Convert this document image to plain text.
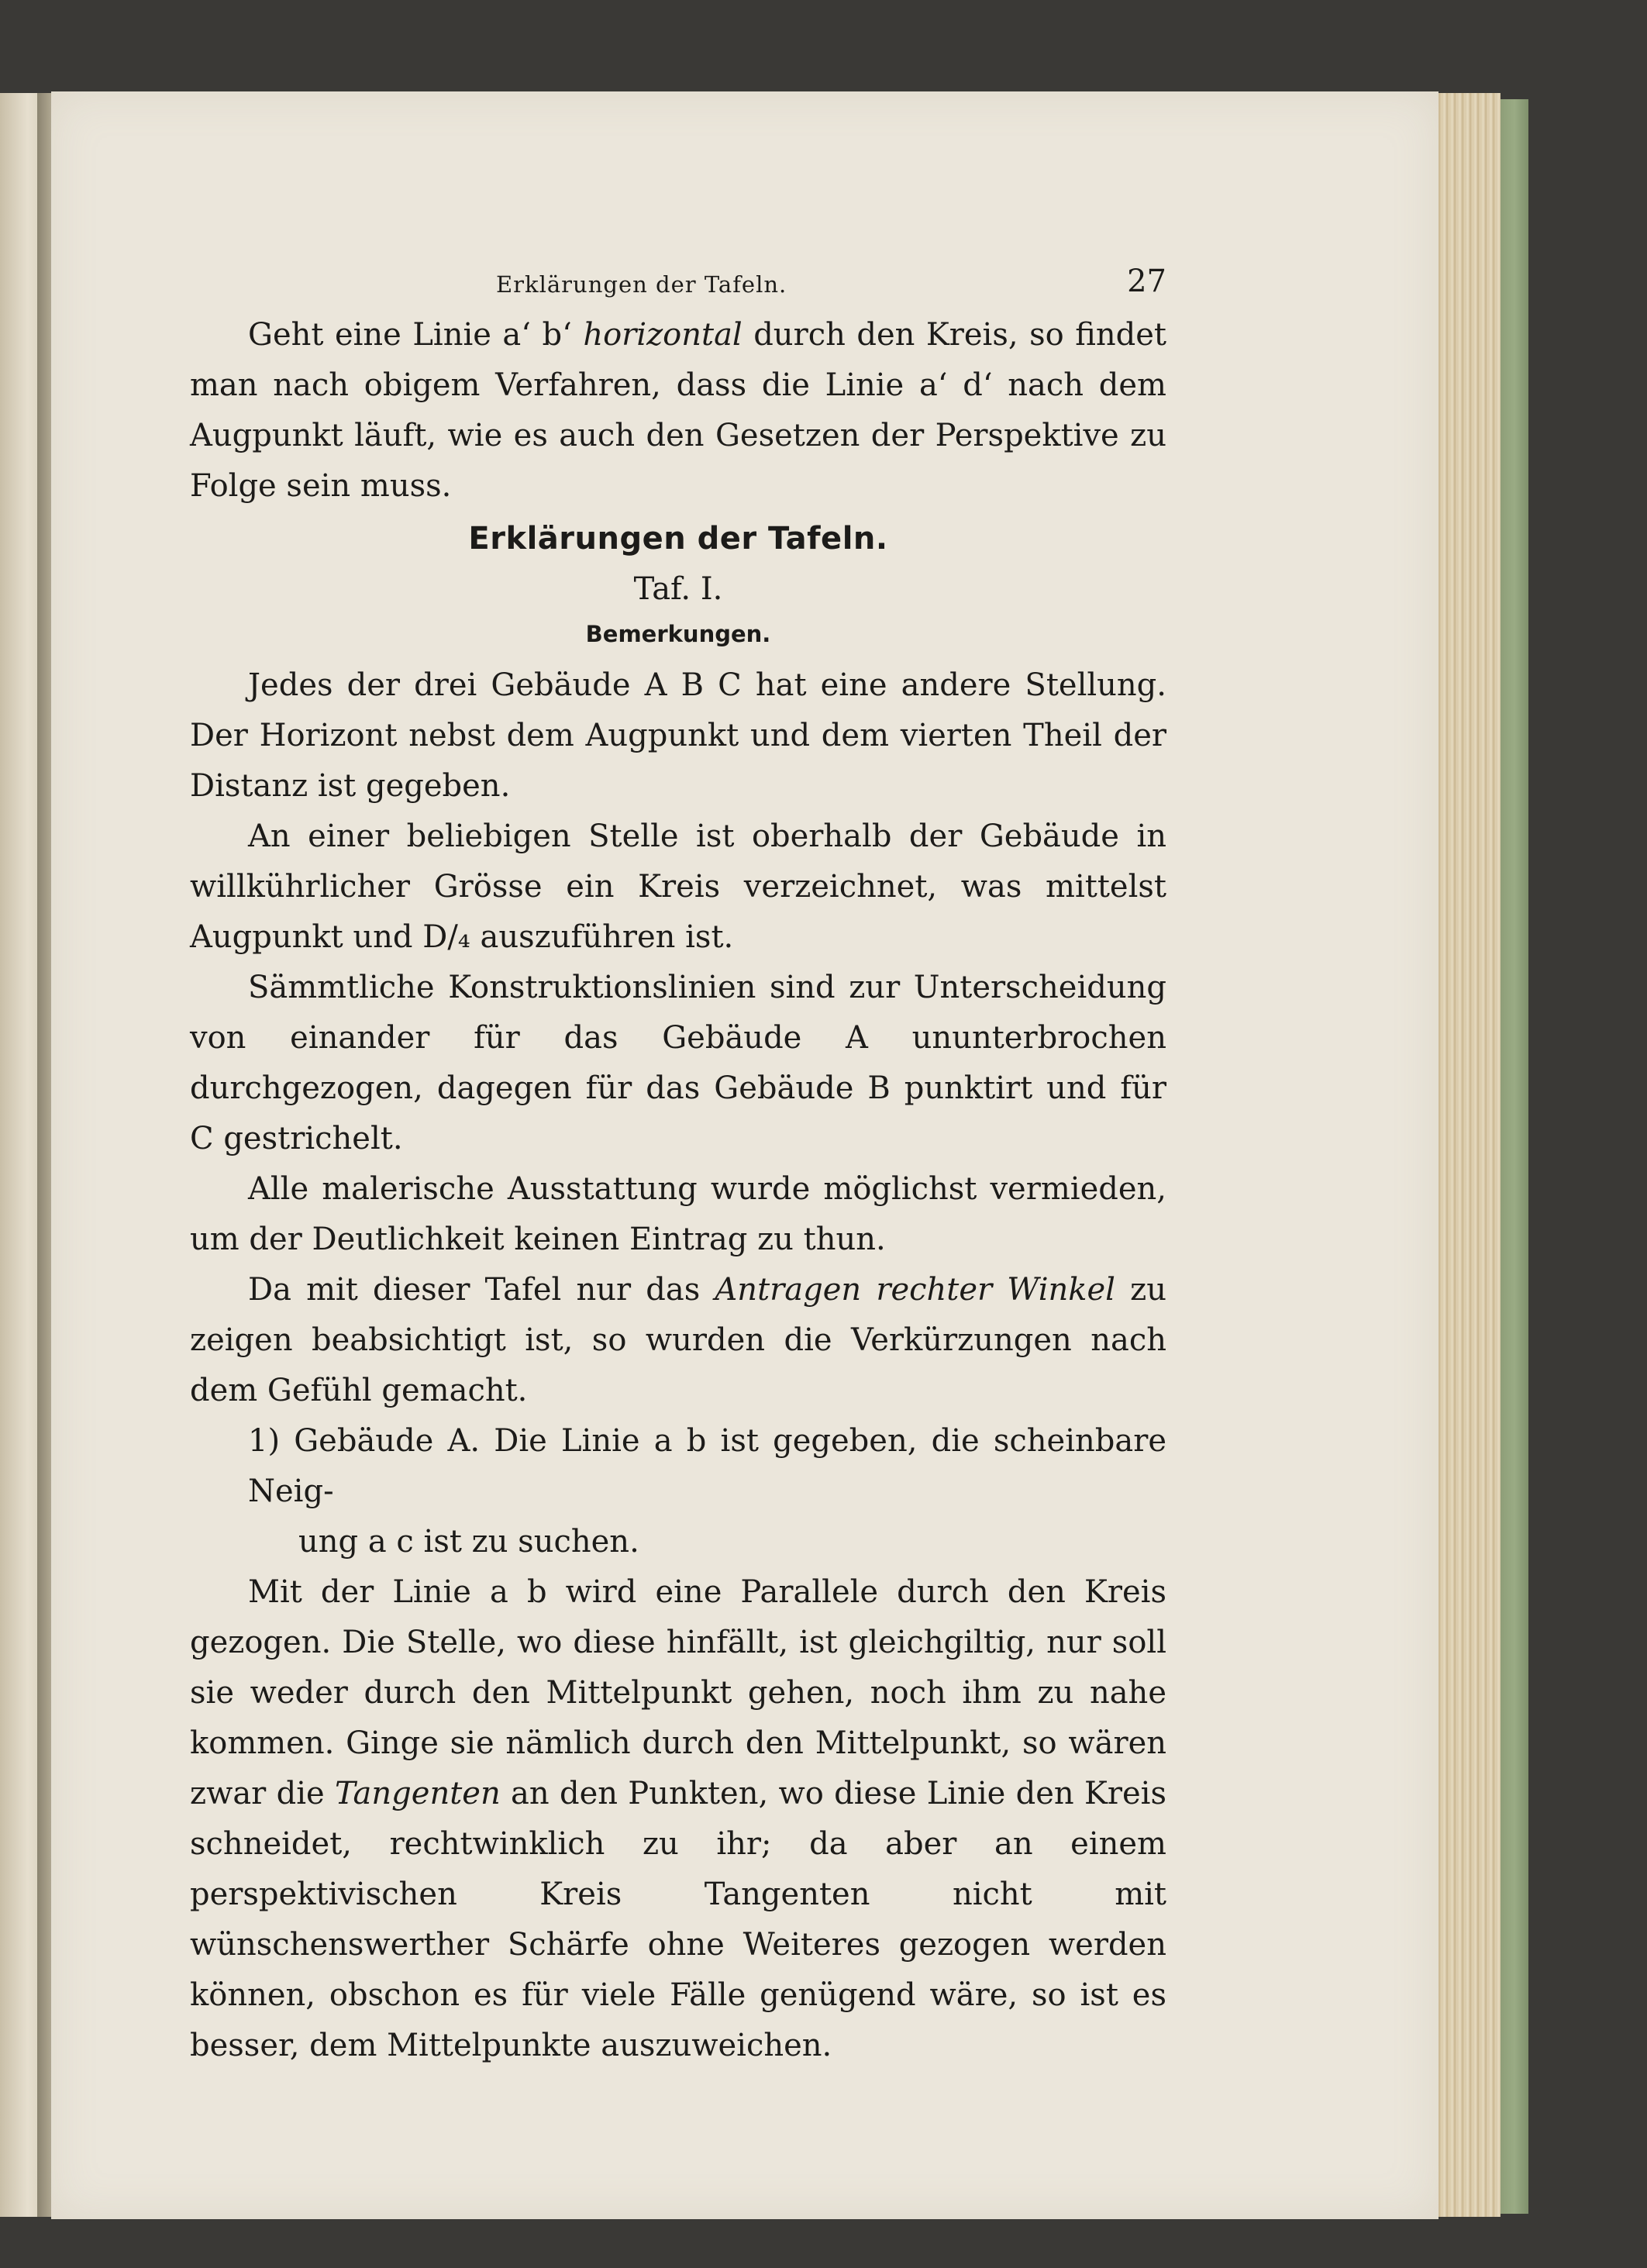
Erklärungen der Tafeln.	27

Geht eine Linie a‘ b‘ horizontal durch den Kreis, so findet man nach obigem Verfahren, dass die Linie a‘ d‘ nach dem Augpunkt läuft, wie es auch den Gesetzen der Perspektive zu Folge sein muss.

Erklärungen der Tafeln.

Taf. I.

Bemerkungen.

Jedes der drei Gebäude A B C hat eine andere Stellung. Der Horizont nebst dem Augpunkt und dem vierten Theil der Distanz ist gegeben.

An einer beliebigen Stelle ist oberhalb der Gebäude in willkührlicher Grösse ein Kreis verzeichnet, was mittelst Augpunkt und D/₄ auszuführen ist.

Sämmtliche Konstruktionslinien sind zur Unterscheidung von einander für das Gebäude A ununterbrochen durchgezogen, dagegen für das Gebäude B punktirt und für C gestrichelt.

Alle malerische Ausstattung wurde möglichst vermieden, um der Deutlichkeit keinen Eintrag zu thun.

Da mit dieser Tafel nur das Antragen rechter Winkel zu zeigen beabsichtigt ist, so wurden die Verkürzungen nach dem Gefühl gemacht.

1) Gebäude A. Die Linie a b ist gegeben, die scheinbare Neig-

ung a c ist zu suchen.

Mit der Linie a b wird eine Parallele durch den Kreis gezogen. Die Stelle, wo diese hinfällt, ist gleichgiltig, nur soll sie weder durch den Mittelpunkt gehen, noch ihm zu nahe kommen. Ginge sie nämlich durch den Mittelpunkt, so wären zwar die Tangenten an den Punkten, wo diese Linie den Kreis schneidet, rechtwinklich zu ihr; da aber an einem perspektivischen Kreis Tangenten nicht mit wünschenswerther Schärfe ohne Weiteres gezogen werden können, obschon es für viele Fälle genügend wäre, so ist es besser, dem Mittelpunkte auszuweichen.
